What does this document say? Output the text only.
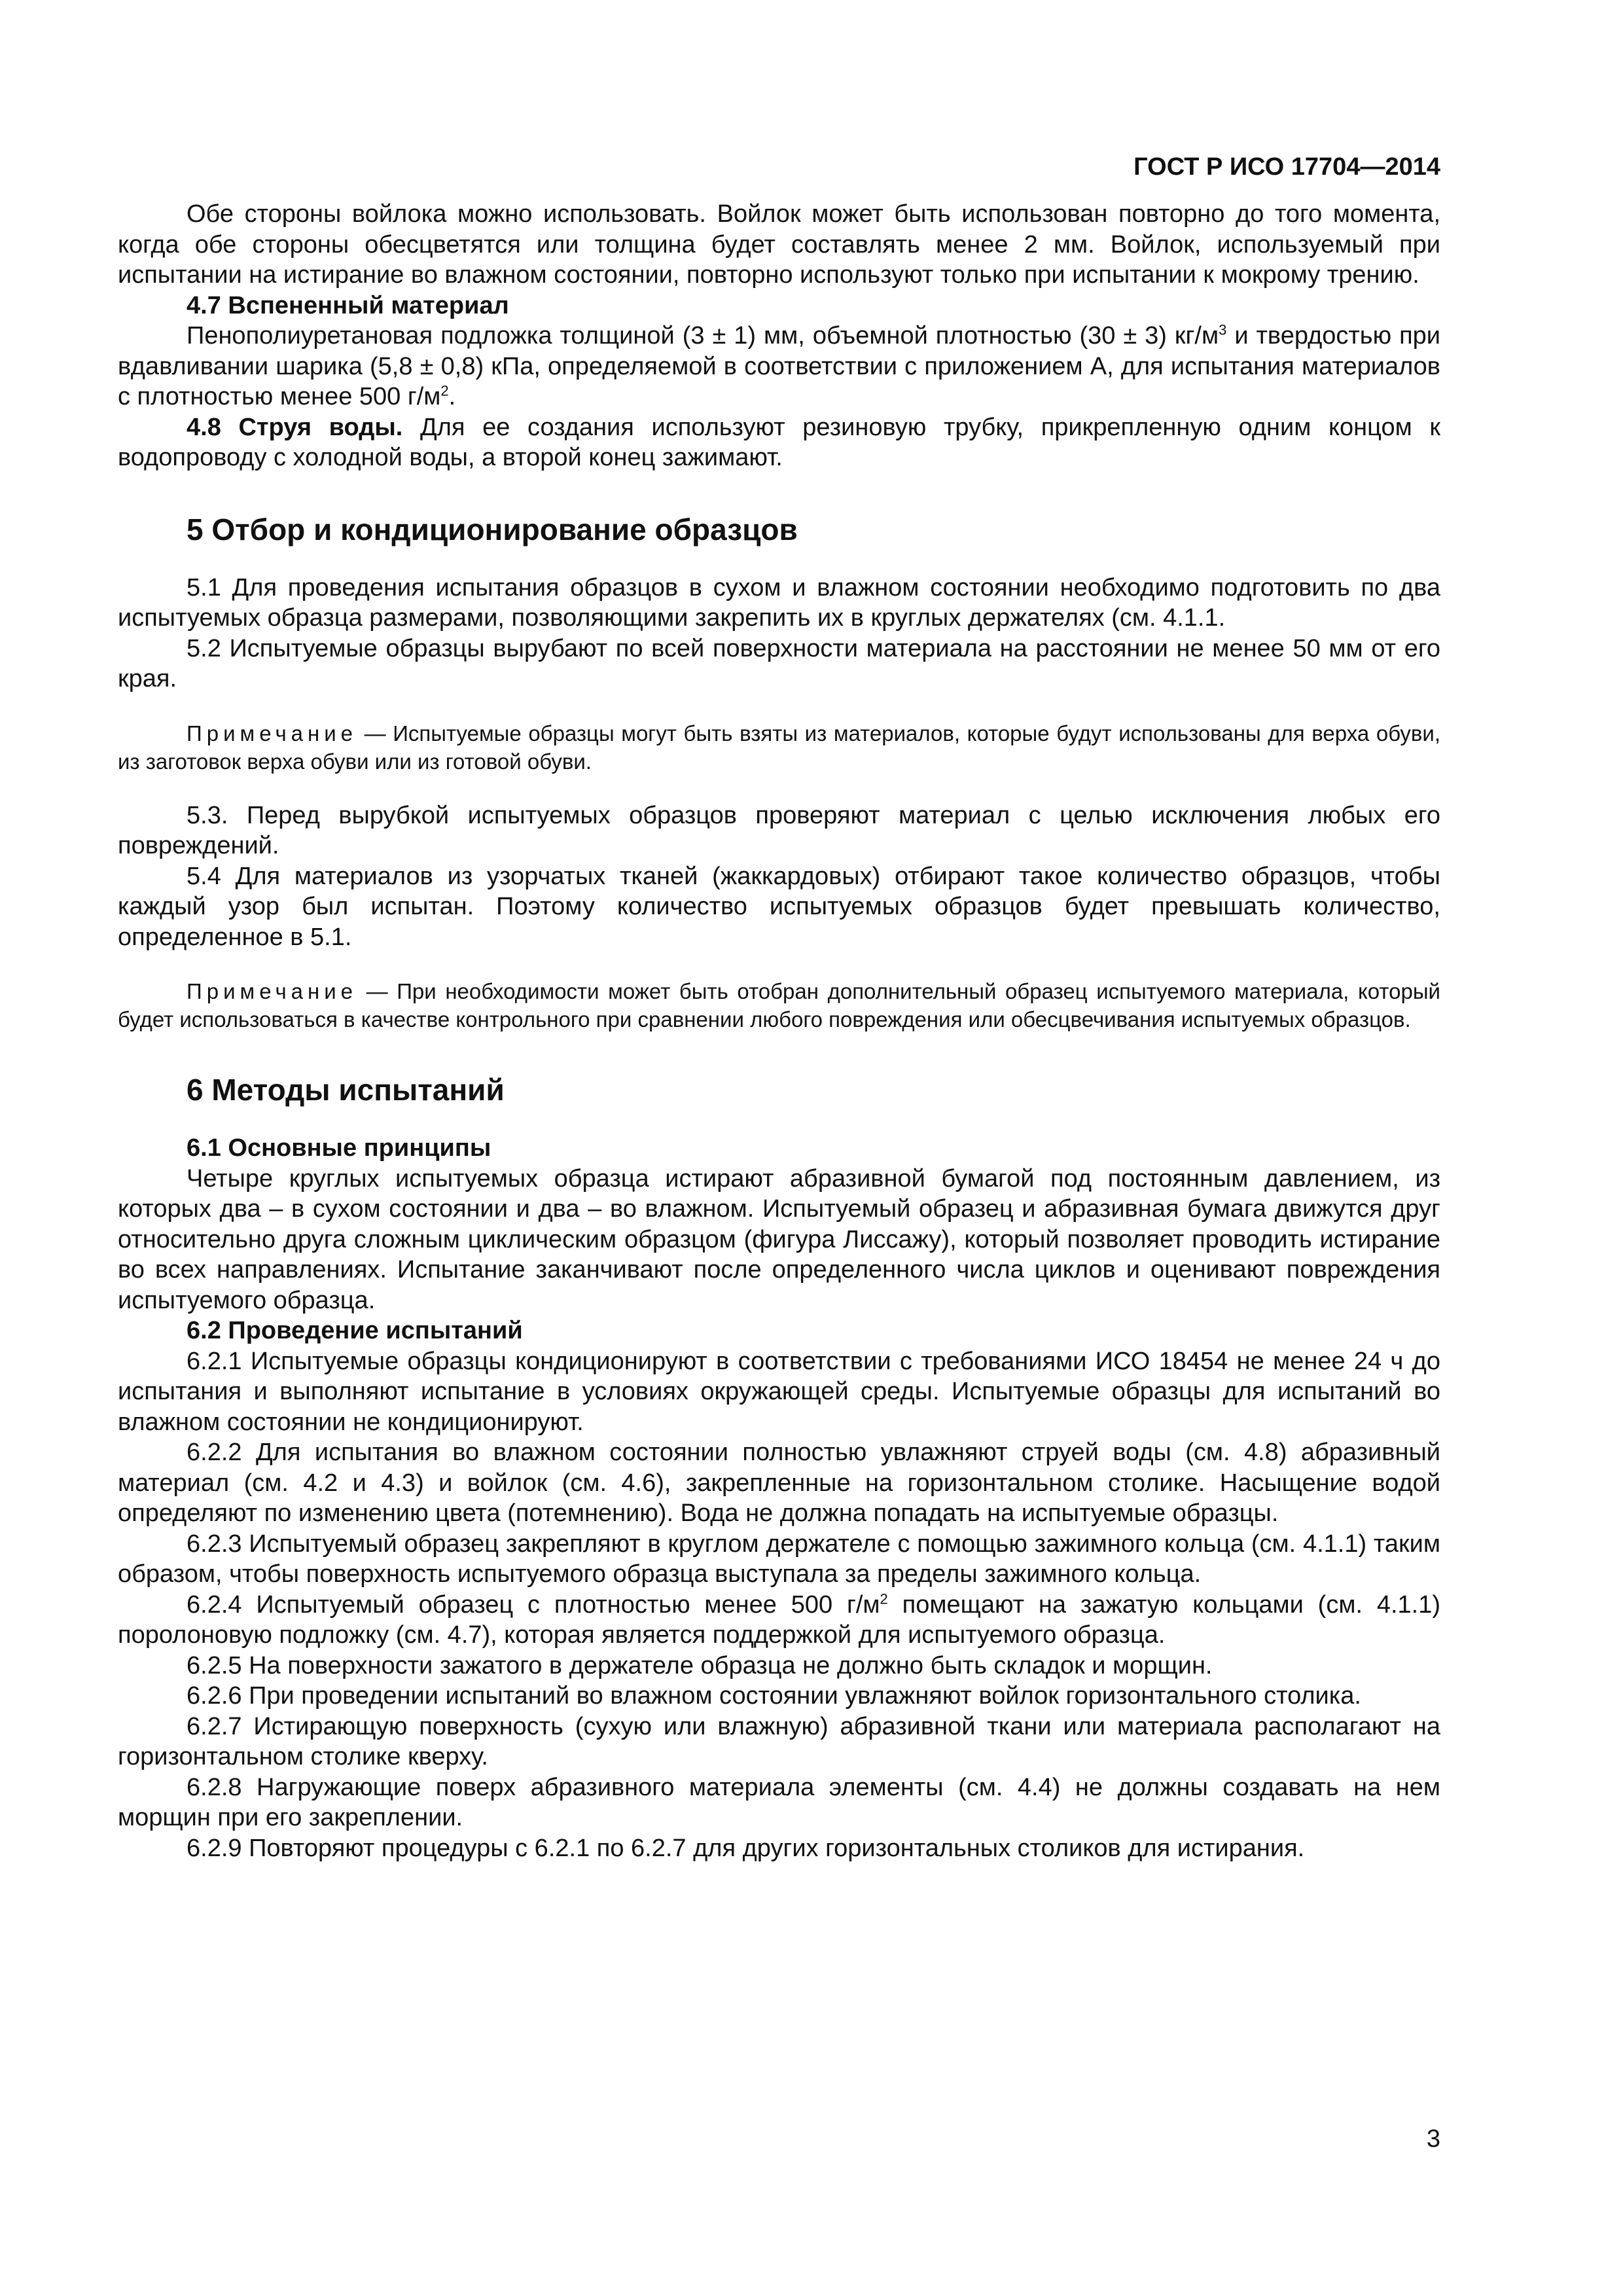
ГОСТ Р ИСО 17704—2014

Обе стороны войлока можно использовать. Войлок может быть использован повторно до того момента, когда обе стороны обесцветятся или толщина будет составлять менее 2 мм. Войлок, используемый при испытании на истирание во влажном состоянии, повторно используют только при испытании к мокрому трению.

4.7 Вспененный материал

Пенополиуретановая подложка толщиной (3 ± 1) мм, объемной плотностью (30 ± 3) $кг/м^3$ и твердостью при вдавливании шарика (5,8 ± 0,8) кПа, определяемой в соответствии с приложением А, для испытания материалов с плотностью менее 500 $г/м^2$.

4.8 Струя воды. Для ее создания используют резиновую трубку, прикрепленную одним концом к водопроводу с холодной воды, а второй конец зажимают.

5 Отбор и кондиционирование образцов

5.1 Для проведения испытания образцов в сухом и влажном состоянии необходимо подготовить по два испытуемых образца размерами, позволяющими закрепить их в круглых держателях (см. 4.1.1.

5.2 Испытуемые образцы вырубают по всей поверхности материала на расстоянии не менее 50 мм от его края.

Примечание — Испытуемые образцы могут быть взяты из материалов, которые будут использованы для верха обуви, из заготовок верха обуви или из готовой обуви.

5.3. Перед вырубкой испытуемых образцов проверяют материал с целью исключения любых его повреждений.

5.4 Для материалов из узорчатых тканей (жаккардовых) отбирают такое количество образцов, чтобы каждый узор был испытан. Поэтому количество испытуемых образцов будет превышать количество, определенное в 5.1.

Примечание — При необходимости может быть отобран дополнительный образец испытуемого материала, который будет использоваться в качестве контрольного при сравнении любого повреждения или обесцвечивания испытуемых образцов.

6 Методы испытаний

6.1 Основные принципы

Четыре круглых испытуемых образца истирают абразивной бумагой под постоянным давлением, из которых два – в сухом состоянии и два – во влажном. Испытуемый образец и абразивная бумага движутся друг относительно друга сложным циклическим образцом (фигура Лиссажу), который позволяет проводить истирание во всех направлениях. Испытание заканчивают после определенного числа циклов и оценивают повреждения испытуемого образца.

6.2 Проведение испытаний

6.2.1 Испытуемые образцы кондиционируют в соответствии с требованиями ИСО 18454 не менее 24 ч до испытания и выполняют испытание в условиях окружающей среды. Испытуемые образцы для испытаний во влажном состоянии не кондиционируют.

6.2.2 Для испытания во влажном состоянии полностью увлажняют струей воды (см. 4.8) абразивный материал (см. 4.2 и 4.3) и войлок (см. 4.6), закрепленные на горизонтальном столике. Насыщение водой определяют по изменению цвета (потемнению). Вода не должна попадать на испытуемые образцы.

6.2.3 Испытуемый образец закрепляют в круглом держателе с помощью зажимного кольца (см. 4.1.1) таким образом, чтобы поверхность испытуемого образца выступала за пределы зажимного кольца.

6.2.4 Испытуемый образец с плотностью менее 500 $г/м^2$ помещают на зажатую кольцами (см. 4.1.1) поролоновую подложку (см. 4.7), которая является поддержкой для испытуемого образца.

6.2.5 На поверхности зажатого в держателе образца не должно быть складок и морщин.

6.2.6 При проведении испытаний во влажном состоянии увлажняют войлок горизонтального столика.

6.2.7 Истирающую поверхность (сухую или влажную) абразивной ткани или материала располагают на горизонтальном столике кверху.

6.2.8 Нагружающие поверх абразивного материала элементы (см. 4.4) не должны создавать на нем морщин при его закреплении.

6.2.9 Повторяют процедуры с 6.2.1 по 6.2.7 для других горизонтальных столиков для истирания.

3
